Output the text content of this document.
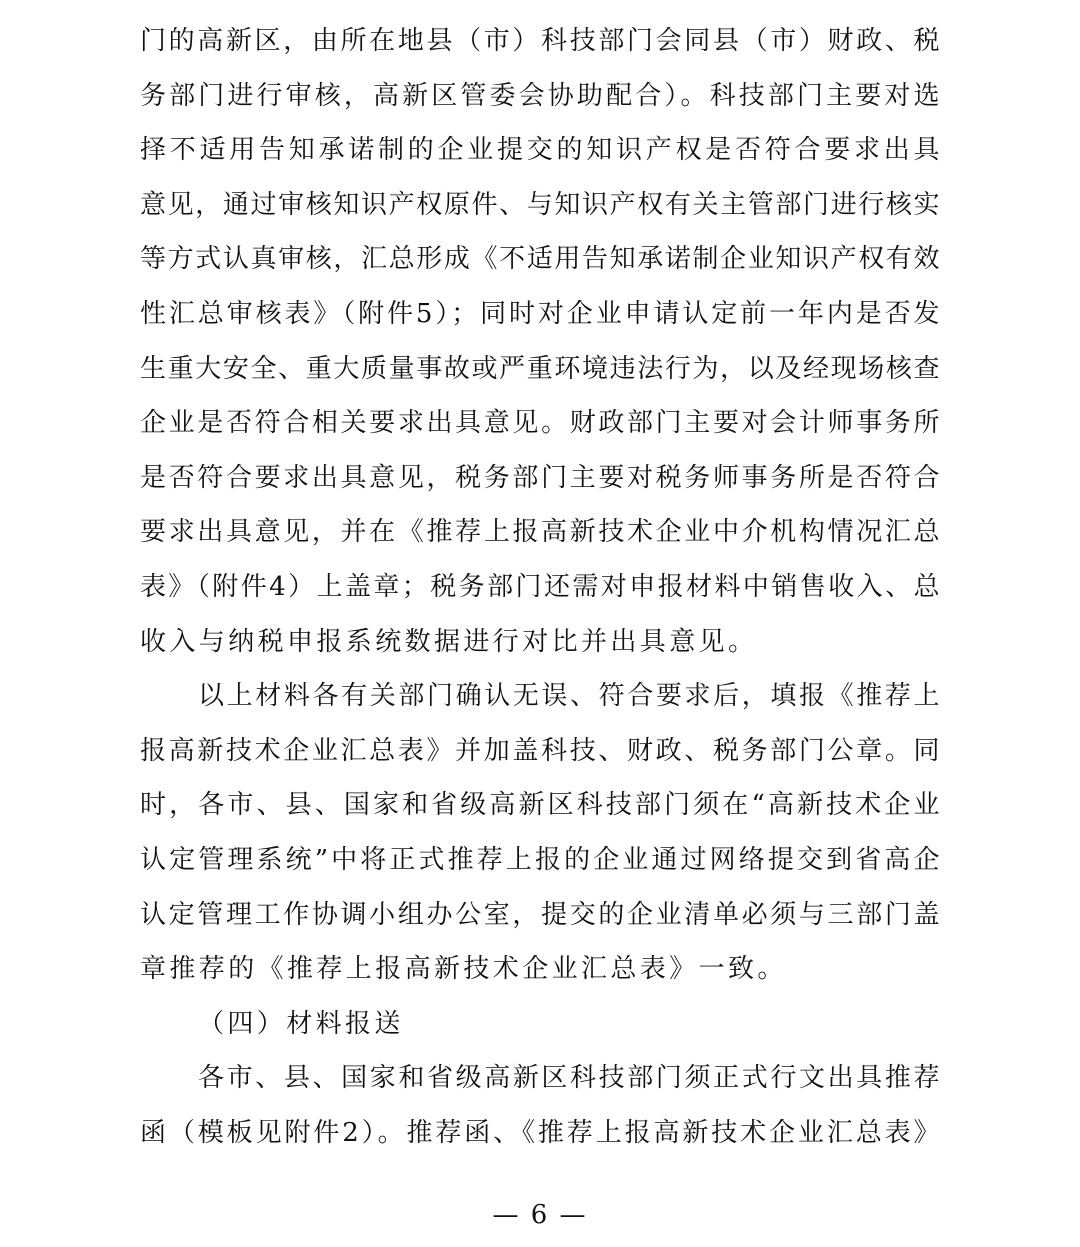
门的高新区，由所在地县（市）科技部门会同县（市）财政、税
务部门进行审核，高新区管委会协助配合）。科技部门主要对选
择不适用告知承诺制的企业提交的知识产权是否符合要求出具
意见，通过审核知识产权原件、与知识产权有关主管部门进行核实
等方式认真审核，汇总形成《不适用告知承诺制企业知识产权有效
性汇总审核表》（附件5）；同时对企业申请认定前一年内是否发
生重大安全、重大质量事故或严重环境违法行为，以及经现场核查
企业是否符合相关要求出具意见。财政部门主要对会计师事务所
是否符合要求出具意见，税务部门主要对税务师事务所是否符合
要求出具意见，并在《推荐上报高新技术企业中介机构情况汇总
表》（附件4）上盖章；税务部门还需对申报材料中销售收入、总
收入与纳税申报系统数据进行对比并出具意见。
以上材料各有关部门确认无误、符合要求后，填报《推荐上
报高新技术企业汇总表》并加盖科技、财政、税务部门公章。同
时，各市、县、国家和省级高新区科技部门须在“高新技术企业
认定管理系统”中将正式推荐上报的企业通过网络提交到省高企
认定管理工作协调小组办公室，提交的企业清单必须与三部门盖
章推荐的《推荐上报高新技术企业汇总表》一致。
（四）材料报送
各市、县、国家和省级高新区科技部门须正式行文出具推荐
函（模板见附件2）。推荐函、《推荐上报高新技术企业汇总表》
— 6 —
